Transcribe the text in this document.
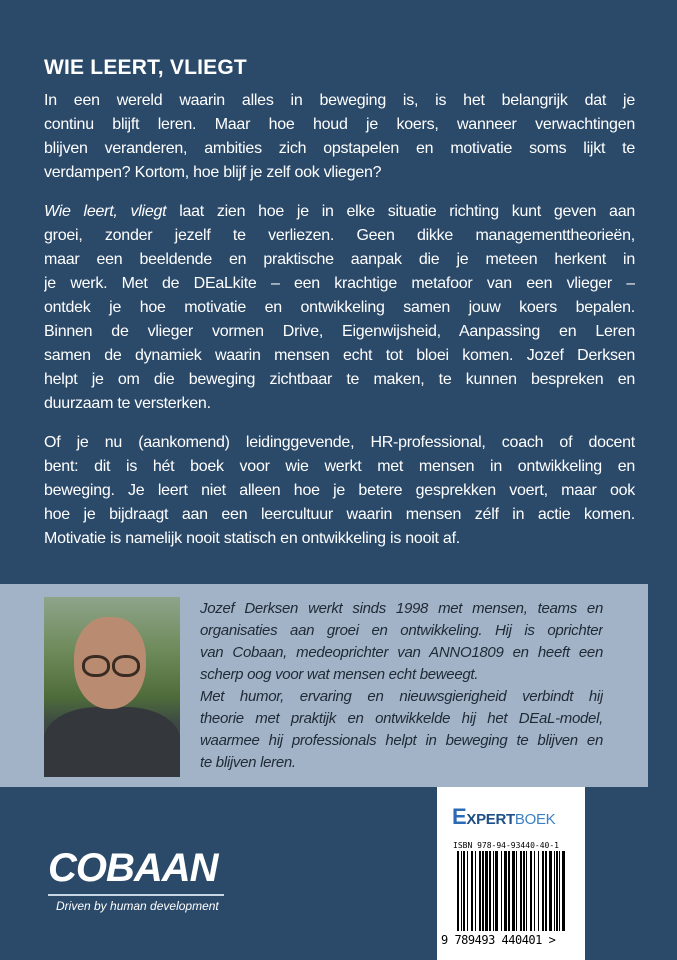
WIE LEERT, VLIEGT
In een wereld waarin alles in beweging is, is het belangrijk dat je
continu blijft leren. Maar hoe houd je koers, wanneer verwachtingen
blijven veranderen, ambities zich opstapelen en motivatie soms lijkt te
verdampen? Kortom, hoe blijf je zelf ook vliegen?
Wie leert, vliegt laat zien hoe je in elke situatie richting kunt geven aan
groei, zonder jezelf te verliezen. Geen dikke managementtheorieën,
maar een beeldende en praktische aanpak die je meteen herkent in
je werk. Met de DEaLkite – een krachtige metafoor van een vlieger –
ontdek je hoe motivatie en ontwikkeling samen jouw koers bepalen.
Binnen de vlieger vormen Drive, Eigenwijsheid, Aanpassing en Leren
samen de dynamiek waarin mensen echt tot bloei komen. Jozef Derksen
helpt je om die beweging zichtbaar te maken, te kunnen bespreken en
duurzaam te versterken.
Of je nu (aankomend) leidinggevende, HR-professional, coach of docent
bent: dit is hét boek voor wie werkt met mensen in ontwikkeling en
beweging. Je leert niet alleen hoe je betere gesprekken voert, maar ook
hoe je bijdraagt aan een leercultuur waarin mensen zélf in actie komen.
Motivatie is namelijk nooit statisch en ontwikkeling is nooit af.
Jozef Derksen werkt sinds 1998 met mensen, teams en
organisaties aan groei en ontwikkeling. Hij is oprichter
van Cobaan, medeoprichter van ANNO1809 en heeft een
scherp oog voor wat mensen echt beweegt.
Met humor, ervaring en nieuwsgierigheid verbindt hij
theorie met praktijk en ontwikkelde hij het DEaL-model,
waarmee hij professionals helpt in beweging te blijven en
te blijven leren.
EXPERTBOEK
ISBN 978-94-93440-40-1
9 789493 440401 >
COBAAN
Driven by human development
